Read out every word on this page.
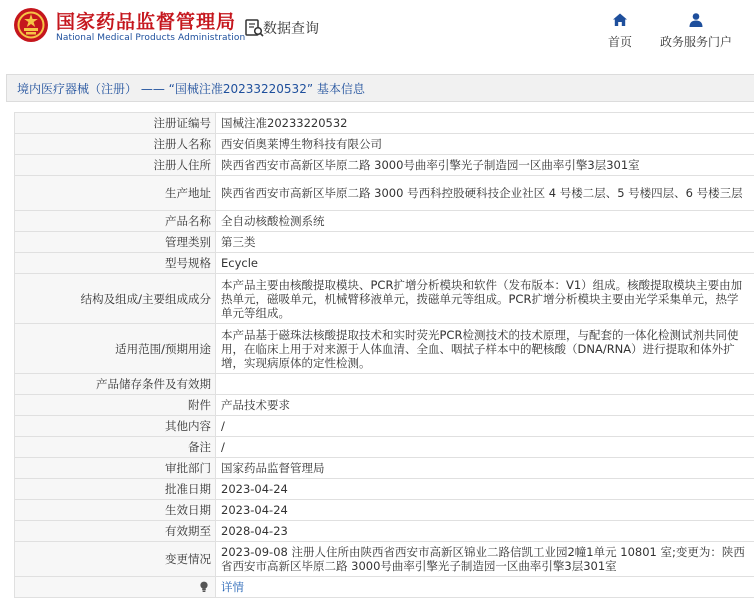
国家药品监督管理局
National Medical Products Administration
数据查询
首页	政务服务门户
境内医疗器械（注册） —— “国械注准20233220532” 基本信息
注册证编号	国械注准20233220532
注册人名称	西安佰奥莱博生物科技有限公司
注册人住所	陕西省西安市高新区毕原二路 3000号曲率引擎光子制造园一区曲率引擎3层301室
生产地址	陕西省西安市高新区毕原二路 3000 号西科控股硬科技企业社区 4 号楼二层、5 号楼四层、6 号楼三层
产品名称	全自动核酸检测系统
管理类别	第三类
型号规格	Ecycle
结构及组成/主要组成成分	本产品主要由核酸提取模块、PCR扩增分析模块和软件（发布版本：V1）组成。核酸提取模块主要由加热单元，磁吸单元，机械臂移液单元，拨磁单元等组成。PCR扩增分析模块主要由光学采集单元，热学单元等组成。
适用范围/预期用途	本产品基于磁珠法核酸提取技术和实时荧光PCR检测技术的技术原理，与配套的一体化检测试剂共同使用，在临床上用于对来源于人体血清、全血、咽拭子样本中的靶核酸（DNA/RNA）进行提取和体外扩增，实现病原体的定性检测。
产品储存条件及有效期	
附件	产品技术要求
其他内容	/
备注	/
审批部门	国家药品监督管理局
批准日期	2023-04-24
生效日期	2023-04-24
有效期至	2028-04-23
变更情况	2023-09-08 注册人住所由陕西省西安市高新区锦业二路信凯工业园2幢1单元 10801 室;变更为：陕西省西安市高新区毕原二路 3000号曲率引擎光子制造园一区曲率引擎3层301室
	详情
